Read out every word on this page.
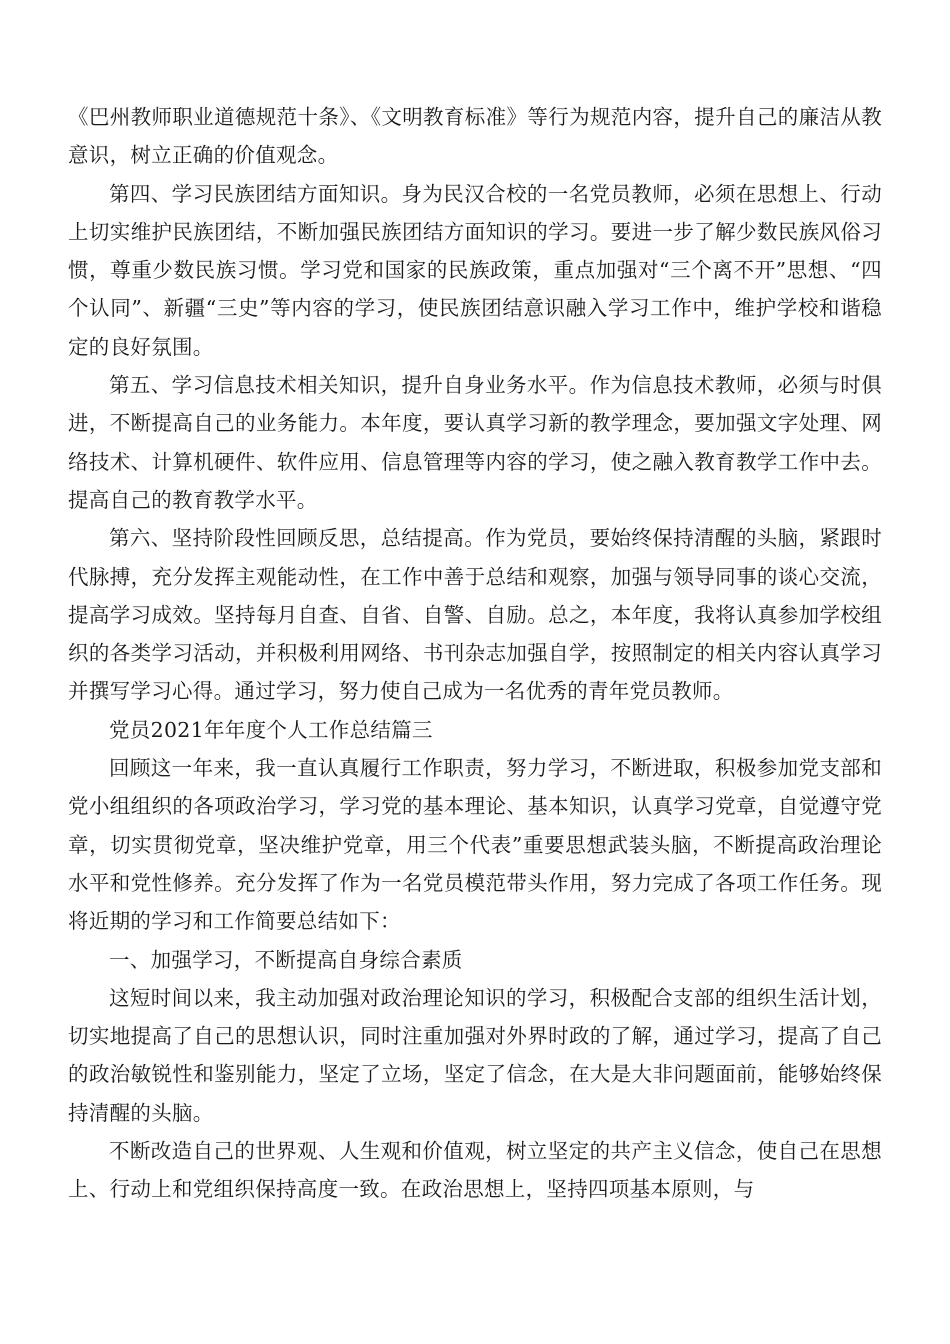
《巴州教师职业道德规范十条》、《文明教育标准》等行为规范内容，提升自己的廉洁从教意识，树立正确的价值观念。

第四、学习民族团结方面知识。身为民汉合校的一名党员教师，必须在思想上、行动上切实维护民族团结，不断加强民族团结方面知识的学习。要进一步了解少数民族风俗习惯，尊重少数民族习惯。学习党和国家的民族政策，重点加强对“三个离不开”思想、“四个认同”、新疆“三史”等内容的学习，使民族团结意识融入学习工作中，维护学校和谐稳定的良好氛围。

第五、学习信息技术相关知识，提升自身业务水平。作为信息技术教师，必须与时俱进，不断提高自己的业务能力。本年度，要认真学习新的教学理念，要加强文字处理、网络技术、计算机硬件、软件应用、信息管理等内容的学习，使之融入教育教学工作中去。提高自己的教育教学水平。

第六、坚持阶段性回顾反思，总结提高。作为党员，要始终保持清醒的头脑，紧跟时代脉搏，充分发挥主观能动性，在工作中善于总结和观察，加强与领导同事的谈心交流，提高学习成效。坚持每月自查、自省、自警、自励。总之，本年度，我将认真参加学校组织的各类学习活动，并积极利用网络、书刊杂志加强自学，按照制定的相关内容认真学习并撰写学习心得。通过学习，努力使自己成为一名优秀的青年党员教师。

党员2021年年度个人工作总结篇三

回顾这一年来，我一直认真履行工作职责，努力学习，不断进取，积极参加党支部和党小组组织的各项政治学习，学习党的基本理论、基本知识，认真学习党章，自觉遵守党章，切实贯彻党章，坚决维护党章，用三个代表”重要思想武装头脑，不断提高政治理论水平和党性修养。充分发挥了作为一名党员模范带头作用，努力完成了各项工作任务。现将近期的学习和工作简要总结如下：

一、加强学习，不断提高自身综合素质

这短时间以来，我主动加强对政治理论知识的学习，积极配合支部的组织生活计划，切实地提高了自己的思想认识，同时注重加强对外界时政的了解，通过学习，提高了自己的政治敏锐性和鉴别能力，坚定了立场，坚定了信念，在大是大非问题面前，能够始终保持清醒的头脑。

不断改造自己的世界观、人生观和价值观，树立坚定的共产主义信念，使自己在思想上、行动上和党组织保持高度一致。在政治思想上，坚持四项基本原则，与
